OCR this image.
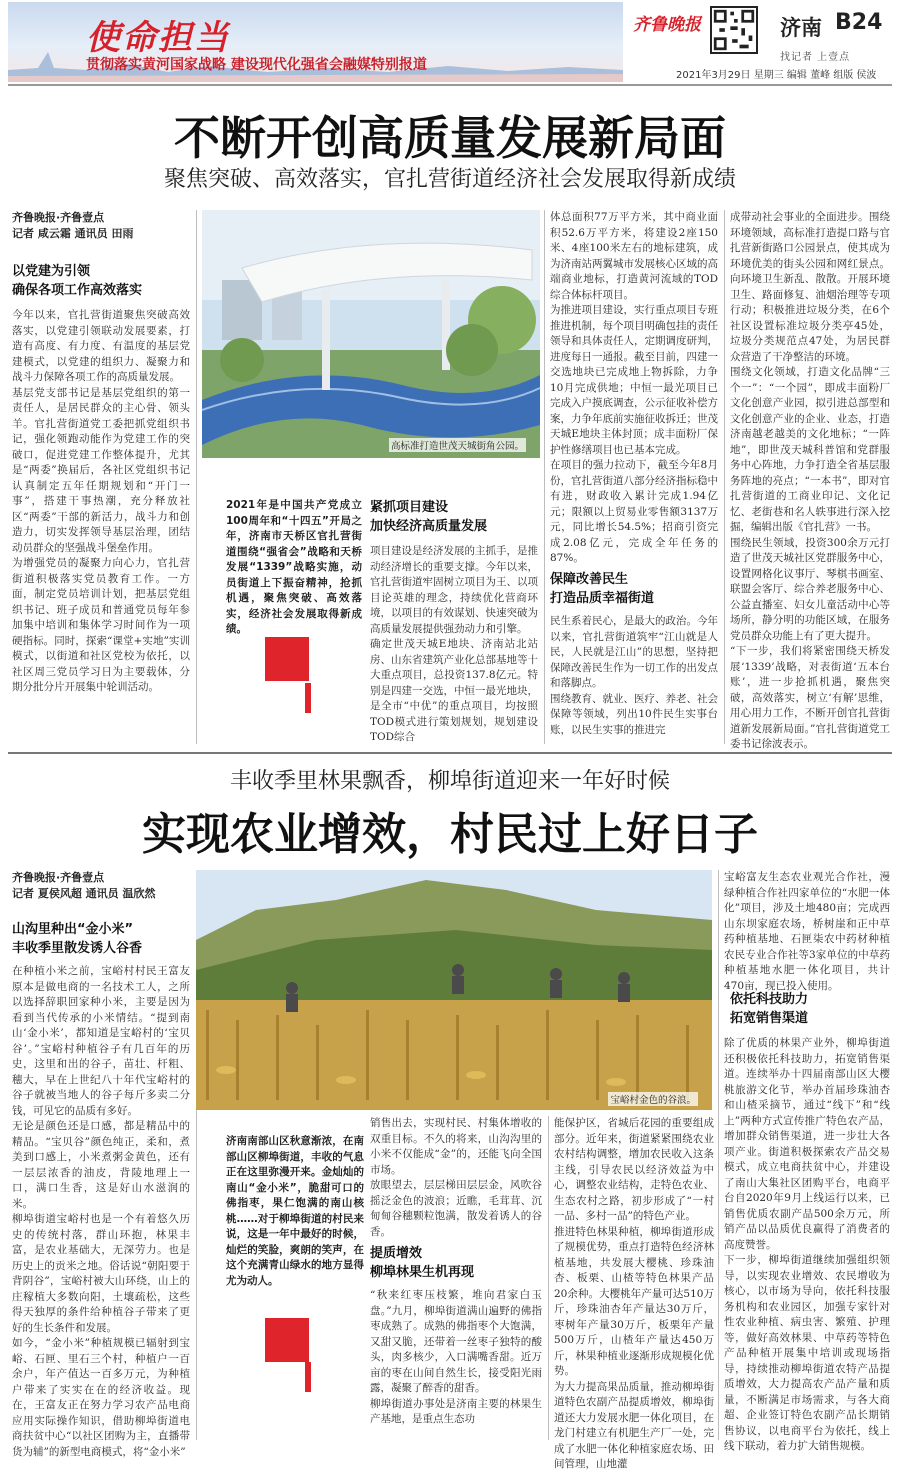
使命担当
贯彻落实黄河国家战略 建设现代化强省会融媒特别报道
齐鲁晚报	济南 B24
找记者 上壹点
2021年3月29日 星期三 编辑 董峰 组版 侯波
不断开创高质量发展新局面
聚焦突破、高效落实，官扎营街道经济社会发展取得新成绩
齐鲁晚报·齐鲁壹点
记者 咸云霜 通讯员 田雨
以党建为引领
确保各项工作高效落实
今年以来，官扎营街道聚焦突破高效落实，以党建引领联动发展要素，打造有高度、有力度、有温度的基层党建模式，以党建的组织力、凝聚力和战斗力保障各项工作的高质量发展。
基层党支部书记是基层党组织的第一责任人，是居民群众的主心骨、领头羊。官扎营街道党工委把抓党组织书记，强化领跑动能作为党建工作的突破口，促进党建工作整体提升，尤其是“两委”换届后，各社区党组织书记认真制定五年任期规划和“开门一事”，搭建干事热潮，充分释放社区“两委”干部的新活力，战斗力和创造力，切实发挥领导基层治理，团结动员群众的坚强战斗堡垒作用。
为增强党员的凝聚力向心力，官扎营街道积极落实党员教育工作。一方面，制定党员培训计划，把基层党组织书记、班子成员和普通党员每年参加集中培训和集体学习时间作为一项硬指标。同时，探索“课堂+实地”实训模式，以街道和社区党校为依托，以社区周三党员学习日为主要载体，分期分批分片开展集中轮训活动。
高标准打造世茂天城街角公园。
2021年是中国共产党成立100周年和“十四五”开局之年，济南市天桥区官扎营街道围绕“强省会”战略和天桥发展“1339”战略实施，动员街道上下振奋精神，抢抓机遇，聚焦突破、高效落实，经济社会发展取得新成绩。
紧抓项目建设
加快经济高质量发展
项目建设是经济发展的主抓手，是推动经济增长的重要支撑。今年以来，官扎营街道牢固树立项目为王、以项目论英雄的理念，持续优化营商环境，以项目的有效谋划、快速突破为高质量发展提供强劲动力和引擎。
确定世茂天城E地块、济南站北站房、山东省建筑产业化总部基地等十大重点项目，总投资137.8亿元。特别是四建一交选，中恒一最光地块，是全市“中优”的重点项目，均按照TOD模式进行策划规划，规划建设TOD综合
体总面积77万平方米，其中商业面积52.6万平方米，将建设2座150米、4座100米左右的地标建筑，成为济南站两翼城市发展核心区域的高端商业地标，打造黄河流域的TOD综合体标杆项目。
为推进项目建设，实行重点项目专班推进机制，每个项目明确包挂的责任领导和具体责任人，定期调度研判，进度每日一通报。截至目前，四建一交选地块已完成地上物拆除，力争10月完成供地；中恒一最光项目已完成入户摸底调查，公示征收补偿方案，力争年底前实施征收拆迁；世茂天城E地块主体封顶；成丰面粉厂保护性修缮项目也已基本完成。
在项目的强力拉动下，截至今年8月份，官扎营街道八部分经济指标稳中有进，财政收入累计完成1.94亿元；限额以上贸易业零售额3137万元，同比增长54.5%；招商引资完成2.08亿元，完成全年任务的87%。
保障改善民生
打造品质幸福街道
民生系着民心，是最大的政治。今年以来，官扎营街道筑牢“江山就是人民，人民就是江山”的思想，坚持把保障改善民生作为一切工作的出发点和落脚点。
围绕教育、就业、医疗、养老、社会保障等领域，列出10件民生实事台账，以民生实事的推进完
成带动社会事业的全面进步。围绕环境领域，高标准打造提口路与官扎营新街路口公园景点，使其成为环境优美的街头公园和网红景点。向环境卫生新乱、散散。开展环境卫生、路面修复、油烟治理等专项行动；积极推进垃圾分类，在6个社区设置标准垃圾分类亭45处，垃圾分类规范点47处，为居民群众营造了干净整洁的环境。
围绕文化领域，打造文化品牌“三个一”：“一个园”，即成丰面粉厂文化创意产业园，拟引进总部型和文化创意产业的企业、业态，打造济南越老越美的文化地标；“一阵地”，即世茂天城科普馆和党群服务中心阵地，力争打造全省基层服务阵地的亮点；“一本书”，即对官扎营街道的工商业印记、文化记忆、老街巷和名人轶事进行深入挖掘，编辑出版《官扎营》一书。
围绕民生领域，投资300余万元打造了世茂天城社区党群服务中心，设置网格化议事厅、琴棋书画室、联盟会客厅、综合养老服务中心、公益直播室、妇女儿童活动中心等场所，静分明的功能区域，在服务党员群众功能上有了更大提升。
“下一步，我们将紧密围绕天桥发展‘1339’战略，对表街道‘五本台账’，进一步抢抓机遇，聚焦突破，高效落实，树立‘有解’思维，用心用力工作，不断开创官扎营街道新发展新局面。”官扎营街道党工委书记徐波表示。
丰收季里林果飘香，柳埠街道迎来一年好时候
实现农业增效，村民过上好日子
齐鲁晚报·齐鲁壹点
记者 夏侯风超 通讯员 温欣然
山沟里种出“金小米”
丰收季里散发诱人谷香
在种植小米之前，宝峪村村民王富友原本是做电商的一名技术工人，之所以选择辞职回家种小米，主要是因为看到当代传承的小米情结。“提到南山‘金小米’，都知道是宝峪村的‘宝贝谷’。”宝峪村种植谷子有几百年的历史，这里和出的谷子，苗壮、杆粗、穗大，早在上世纪八十年代宝峪村的谷子就被当地人的谷子每斤多卖二分钱，可见它的品质有多好。
无论是颜色还是口感，都是精品中的精品。“宝贝谷”颜色纯正，柔和，煮美到口感上，小米煮粥金黄色，还有一层层浓香的油皮，背陵地理上一口，满口生香，这是好山水滋润的米。
柳埠街道宝峪村也是一个有着悠久历史的传统村落，群山环抱，林果丰富，是农业基础大，无深劳力。也是历史上的贡米之地。俗话说“朝阳要于背阴谷”，宝峪村被大山环绕，山上的庄稼植大多数向阳，土壤疏松，这些得天独厚的条件给种植谷子带来了更好的生长条件和发展。
如今，“金小米”种植规模已辐射到宝峪、石匣、里石三个村，种植户一百余户，年产值达一百多万元，为种植户带来了实实在在的经济收益。现在，王富友正在努力学习农产品电商应用实际操作知识，借助柳埠街道电商扶贫中心“以社区团购为主，直播带货为辅”的新型电商模式，将“金小米”
宝峪村金色的谷浪。
济南南部山区秋意渐浓，在南部山区柳埠街道，丰收的气息正在这里弥漫开来。金灿灿的南山“金小米”，脆甜可口的佛指枣，果仁饱满的南山核桃……对于柳埠街道的村民来说，这是一年中最好的时候，灿烂的笑脸，爽朗的笑声，在这个充满青山绿水的地方显得尤为动人。
销售出去，实现村民、村集体增收的双重目标。不久的将来，山沟沟里的小米不仅能成“金”的，还能飞向全国市场。
放眼望去，层层梯田层层金，风吹谷摇泛金色的波浪；近瞧，毛茸茸、沉甸甸谷穗颗粒饱满，散发着诱人的谷香。
提质增效
柳埠林果生机再现
“秋来红枣压枝繁，堆向君家白玉盘。”九月，柳埠街道满山遍野的佛指枣成熟了。成熟的佛指枣个大饱满，又甜又脆，还带着一丝枣子独特的酸头，肉多核少，入口满嘴香甜。近万亩的枣在山间自然生长，接受阳光雨露，凝聚了醉香的甜香。
柳埠街道办事处是济南主要的林果生产基地，是重点生态功
能保护区，省城后花园的重要组成部分。近年来，街道紧紧围绕农业农村结构调整，增加农民收入这条主线，引导农民以经济效益为中心，调整农业结构，走特色农业、生态农村之路，初步形成了“一村一品、多村一品”的特色产业。
推进特色林果种植，柳埠街道形成了规模优势，重点打造特色经济林植基地，共发展大樱桃、珍珠油杏、板栗、山楂等特色林果产品20余种。大樱桃年产量可达510万斤，珍珠油杏年产量达30万斤，枣树年产量30万斤，板栗年产量500万斤，山楂年产量达450万斤，林果种植业逐渐形成规模化优势。
为大力提高果品质量，推动柳埠街道特色农副产品提质增效，柳埠街道还大力发展水肥一体化项目，在龙门村建立有机肥生产厂一处，完成了水肥一体化种植家庭农场、田间管理，山地灌
宝峪富友生态农业观光合作社，漫绿种植合作社四家单位的“水肥一体化”项目，涉及土地480亩；完成西山东坝家庭农场，桥树崖和正中草药种植基地、石匣柒农中药材种植农民专业合作社等3家单位的中草药种植基地水肥一体化项目，共计470亩，现已投入使用。
依托科技助力
拓宽销售渠道
除了优质的林果产业外，柳埠街道还积极依托科技助力，拓宽销售渠道。连续举办十四届南部山区大樱桃旅游文化节，举办首届珍珠油杏和山楂采摘节，通过“线下”和“线上”两种方式宣传推广特色农产品，增加群众销售渠道，进一步壮大各项产业。街道积极探索农产品交易模式，成立电商扶贫中心，并建设了南山大集社区团购平台，电商平台自2020年9月上线运行以来，已销售优质农副产品500余万元，所销产品以品质优良赢得了消费者的高度赞誉。
下一步，柳埠街道继续加强组织领导，以实现农业增效、农民增收为核心，以市场为导向，依托科技服务机构和农业园区，加强专家针对性农业种植、病虫害、繁殖、护理等，做好高效林果、中草药等特色产品种植开展集中培训或现场指导，持续推动柳埠街道农特产品提质增效，大力提高农产品产量和质量，不断满足市场需求，与各大商超、企业签订特色农副产品长期销售协议，以电商平台为依托，线上线下联动，着力扩大销售规模。
